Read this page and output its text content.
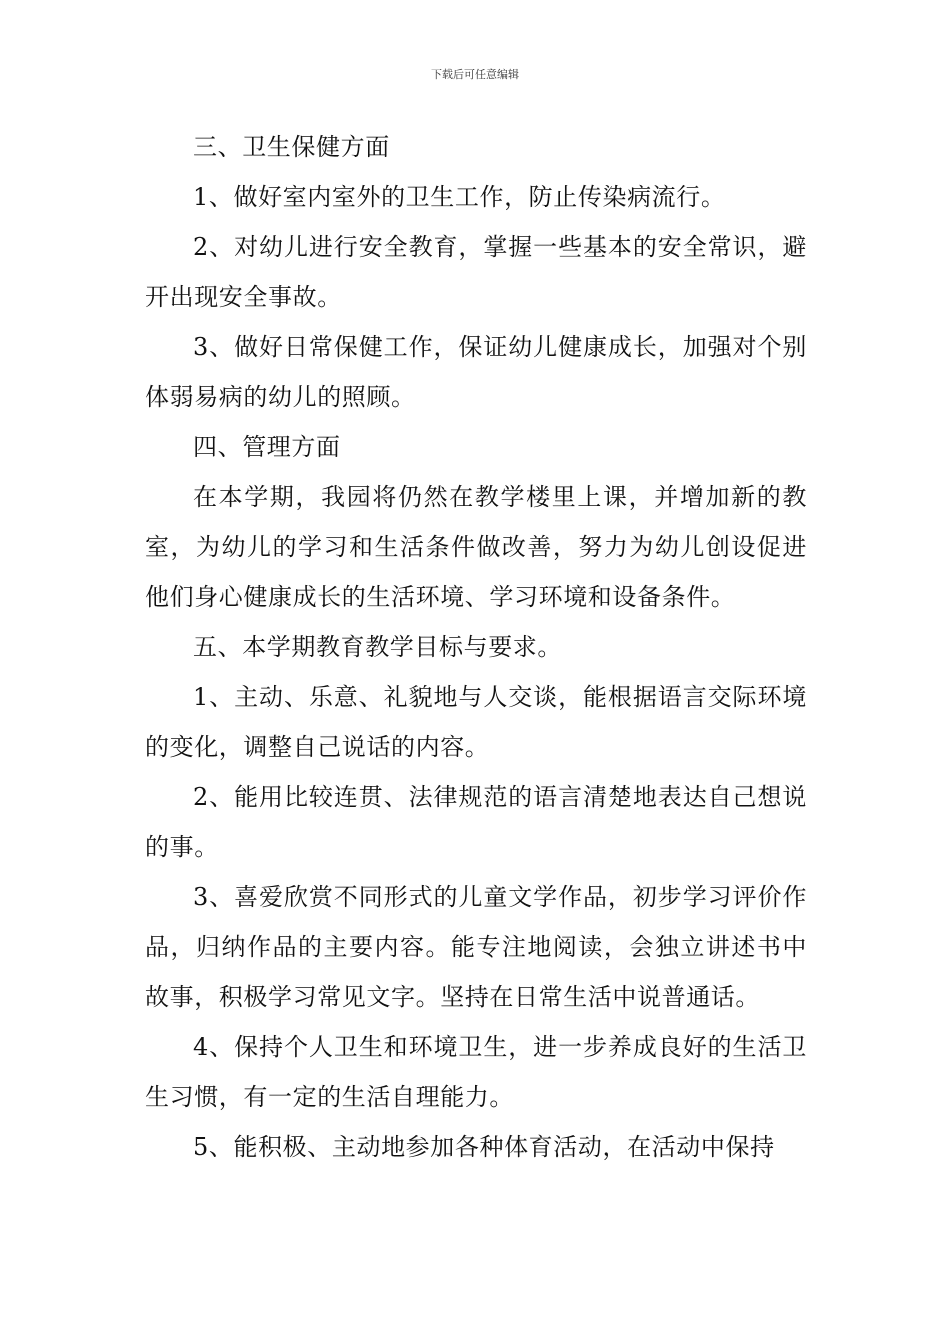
下载后可任意编辑

三、卫生保健方面

1、做好室内室外的卫生工作，防止传染病流行。

2、对幼儿进行安全教育，掌握一些基本的安全常识，避开出现安全事故。

3、做好日常保健工作，保证幼儿健康成长，加强对个别体弱易病的幼儿的照顾。

四、管理方面

在本学期，我园将仍然在教学楼里上课，并增加新的教室，为幼儿的学习和生活条件做改善，努力为幼儿创设促进他们身心健康成长的生活环境、学习环境和设备条件。

五、本学期教育教学目标与要求。

1、主动、乐意、礼貌地与人交谈，能根据语言交际环境的变化，调整自己说话的内容。

2、能用比较连贯、法律规范的语言清楚地表达自己想说的事。

3、喜爱欣赏不同形式的儿童文学作品，初步学习评价作品，归纳作品的主要内容。能专注地阅读，会独立讲述书中故事，积极学习常见文字。坚持在日常生活中说普通话。

4、保持个人卫生和环境卫生，进一步养成良好的生活卫生习惯，有一定的生活自理能力。

5、能积极、主动地参加各种体育活动，在活动中保持
